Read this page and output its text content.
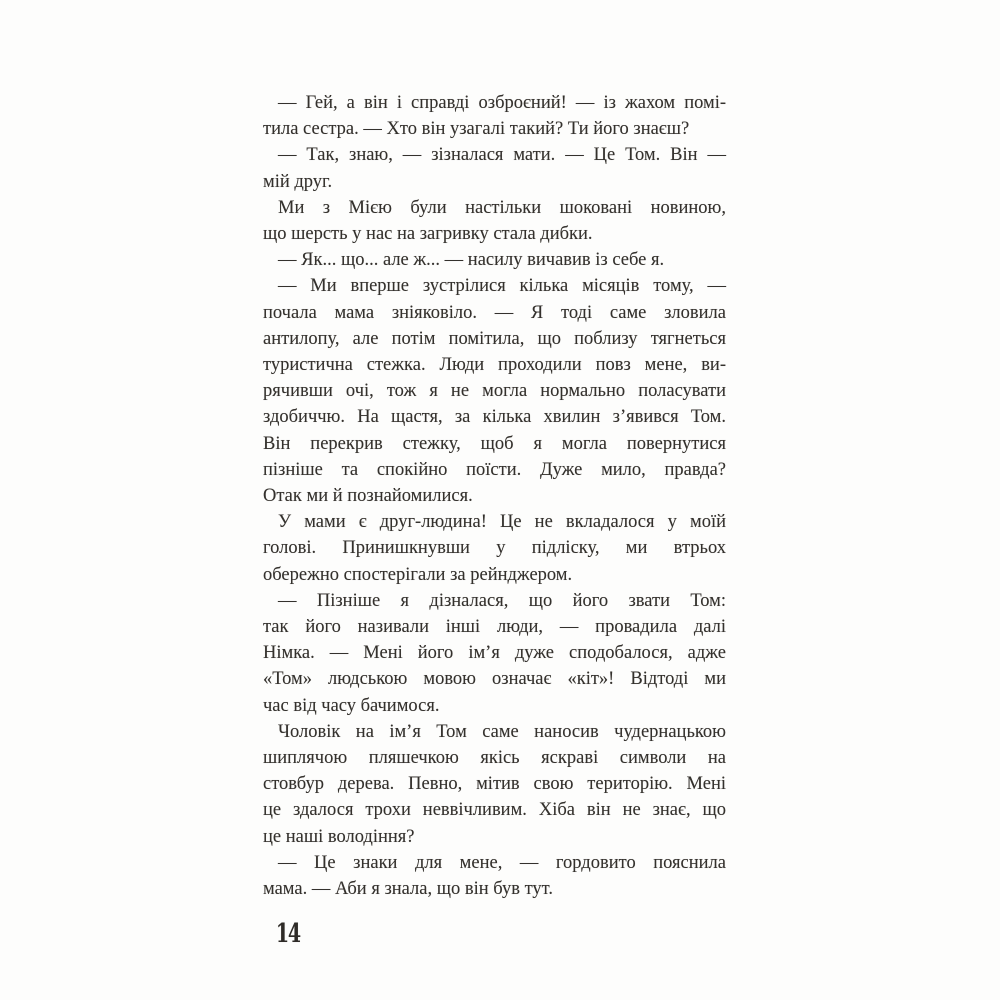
— Гей, а він і справді озброєний! — із жахом помі-
тила сестра. — Хто він узагалі такий? Ти його знаєш?

— Так, знаю, — зізналася мати. — Це Том. Він —
мій друг.

Ми з Мією були настільки шоковані новиною,
що шерсть у нас на загривку стала дибки.

— Як... що... але ж... — насилу вичавив із себе я.

— Ми вперше зустрілися кілька місяців тому, —
почала мама зніяковіло. — Я тоді саме зловила
антилопу, але потім помітила, що поблизу тягнеться
туристична стежка. Люди проходили повз мене, ви-
рячивши очі, тож я не могла нормально поласувати
здобиччю. На щастя, за кілька хвилин з’явився Том.
Він перекрив стежку, щоб я могла повернутися
пізніше та спокійно поїсти. Дуже мило, правда?
Отак ми й познайомилися.

У мами є друг-людина! Це не вкладалося у моїй
голові. Принишкнувши у підліску, ми втрьох
обережно спостерігали за рейнджером.

— Пізніше я дізналася, що його звати Том:
так його називали інші люди, — провадила далі
Німка. — Мені його ім’я дуже сподобалося, адже
«Том» людською мовою означає «кіт»! Відтоді ми
час від часу бачимося.

Чоловік на ім’я Том саме наносив чудернацькою
шиплячою пляшечкою якісь яскраві символи на
стовбур дерева. Певно, мітив свою територію. Мені
це здалося трохи неввічливим. Хіба він не знає, що
це наші володіння?

— Це знаки для мене, — гордовито пояснила
мама. — Аби я знала, що він був тут.

14
